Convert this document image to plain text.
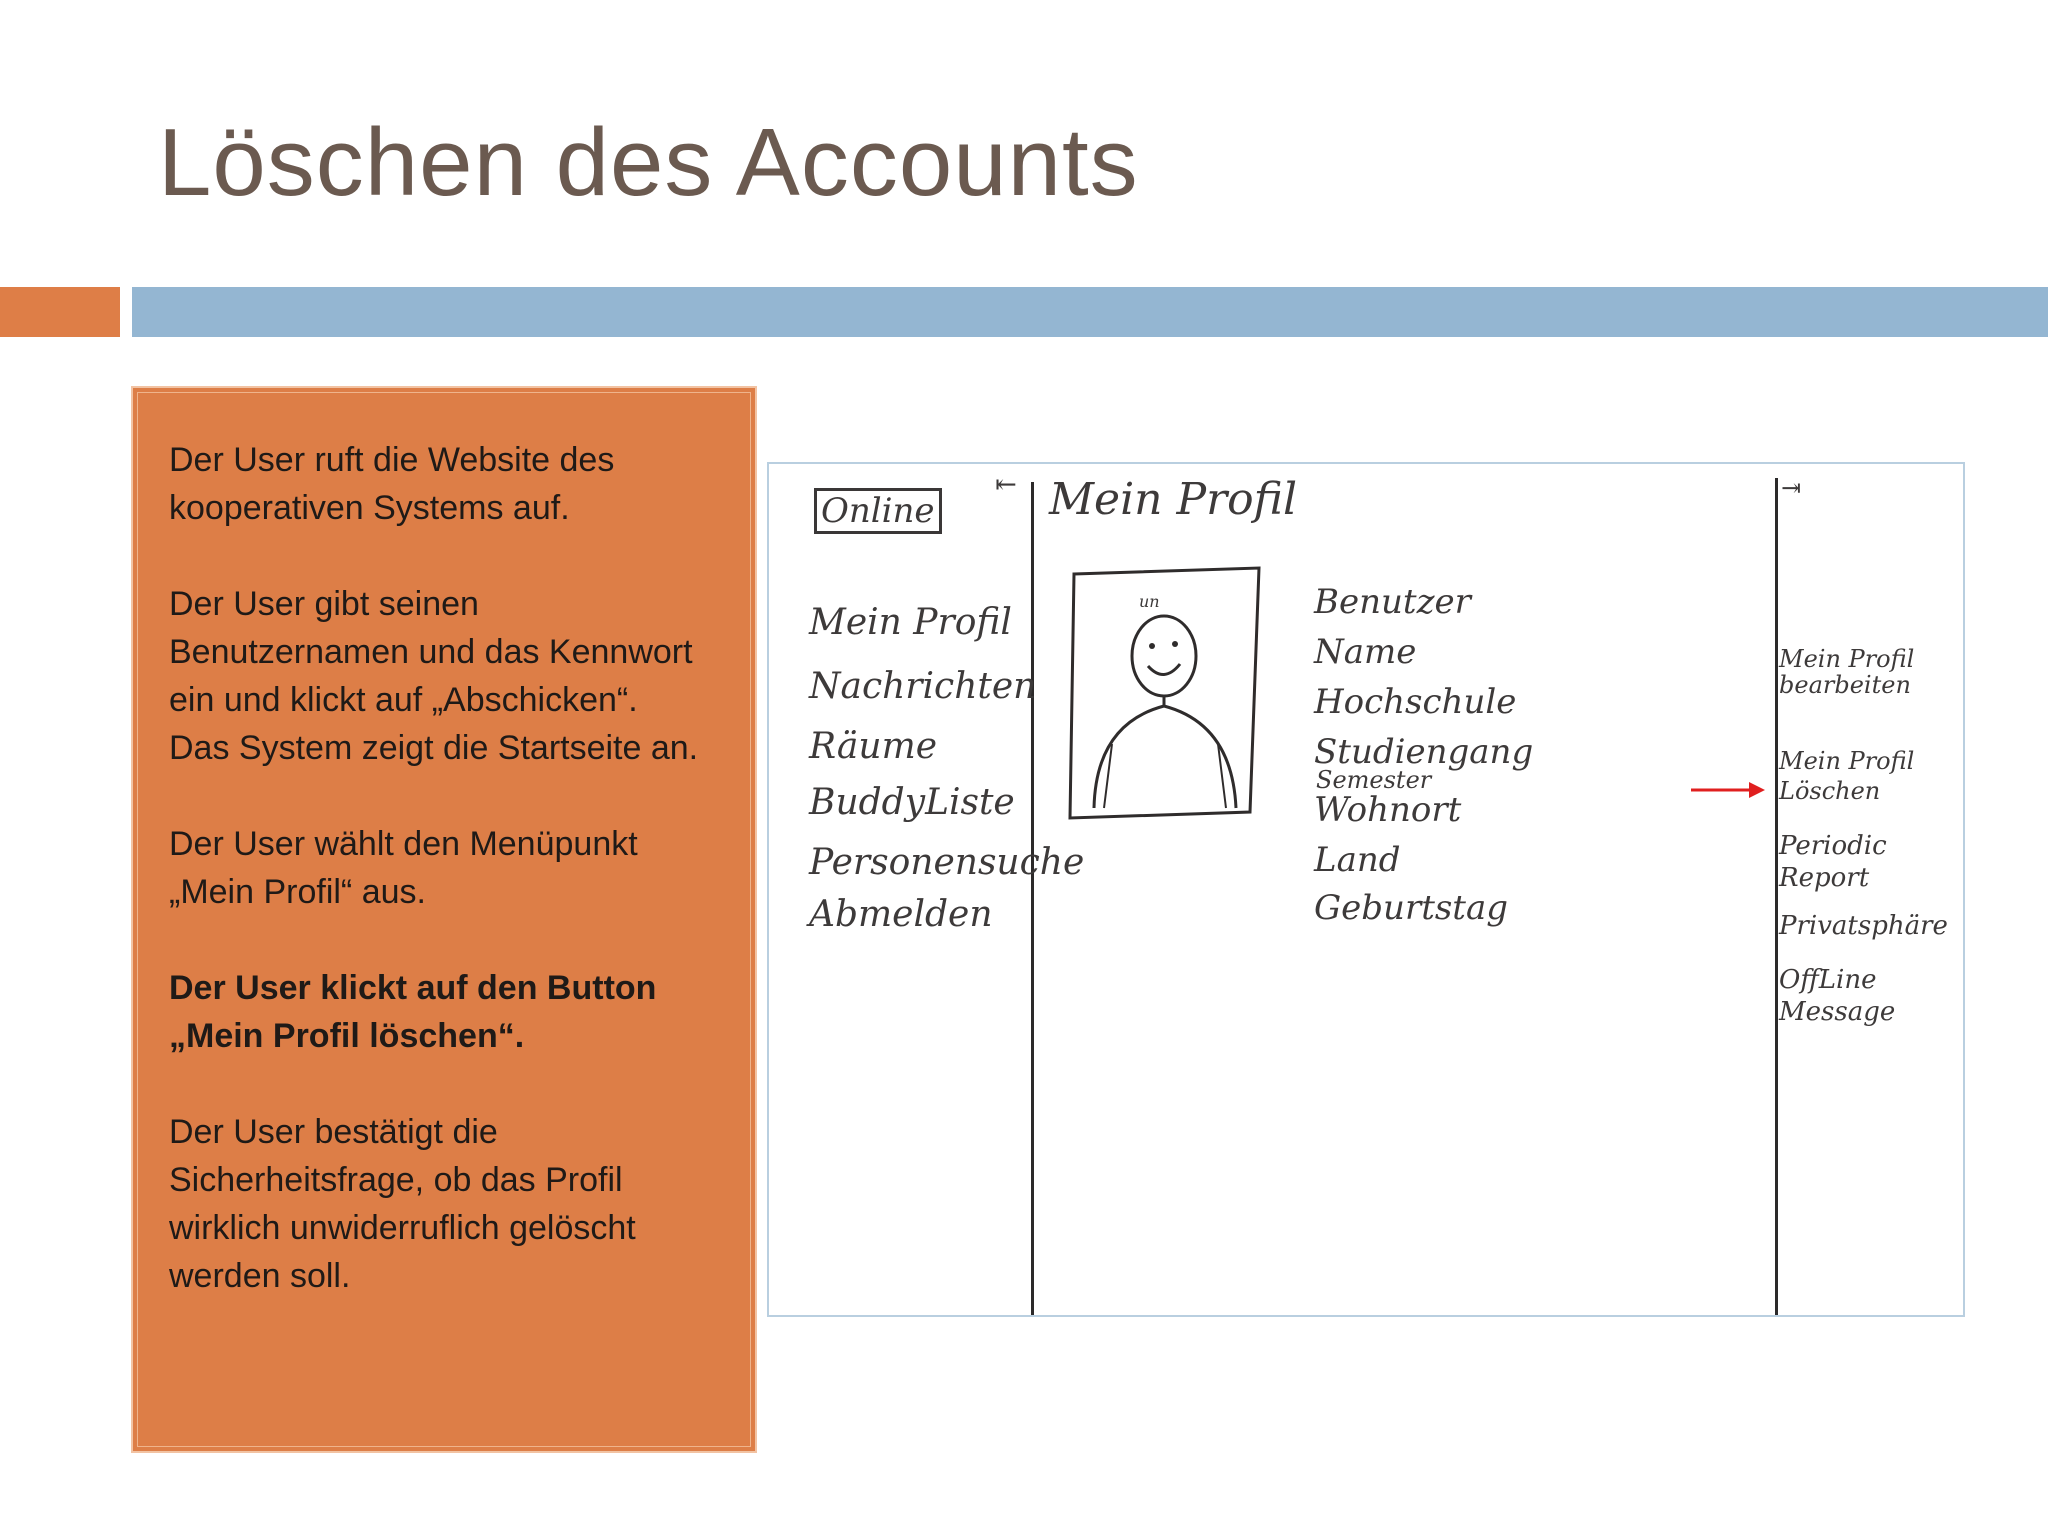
Löschen des Accounts
Der User ruft die Website des
kooperativen Systems auf.
Der User gibt seinen
Benutzernamen und das Kennwort
ein und klickt auf „Abschicken“.
Das System zeigt die Startseite an.
Der User wählt den Menüpunkt
„Mein Profil“ aus.
Der User klickt auf den Button
„Mein Profil löschen“.
Der User bestätigt die
Sicherheitsfrage, ob das Profil
wirklich unwiderruflich gelöscht
werden soll.
Online
⇤
Mein Profil
Nachrichten
Räume
BuddyListe
Personensuche
Abmelden
Mein Profil
un	Benutzer
Name
Hochschule
Studiengang
Semester
Wohnort
Land
Geburtstag
⇥
Mein Profil
bearbeiten
Mein Profil
Löschen
Periodic
Report
Privatsphäre
OffLine
Message
